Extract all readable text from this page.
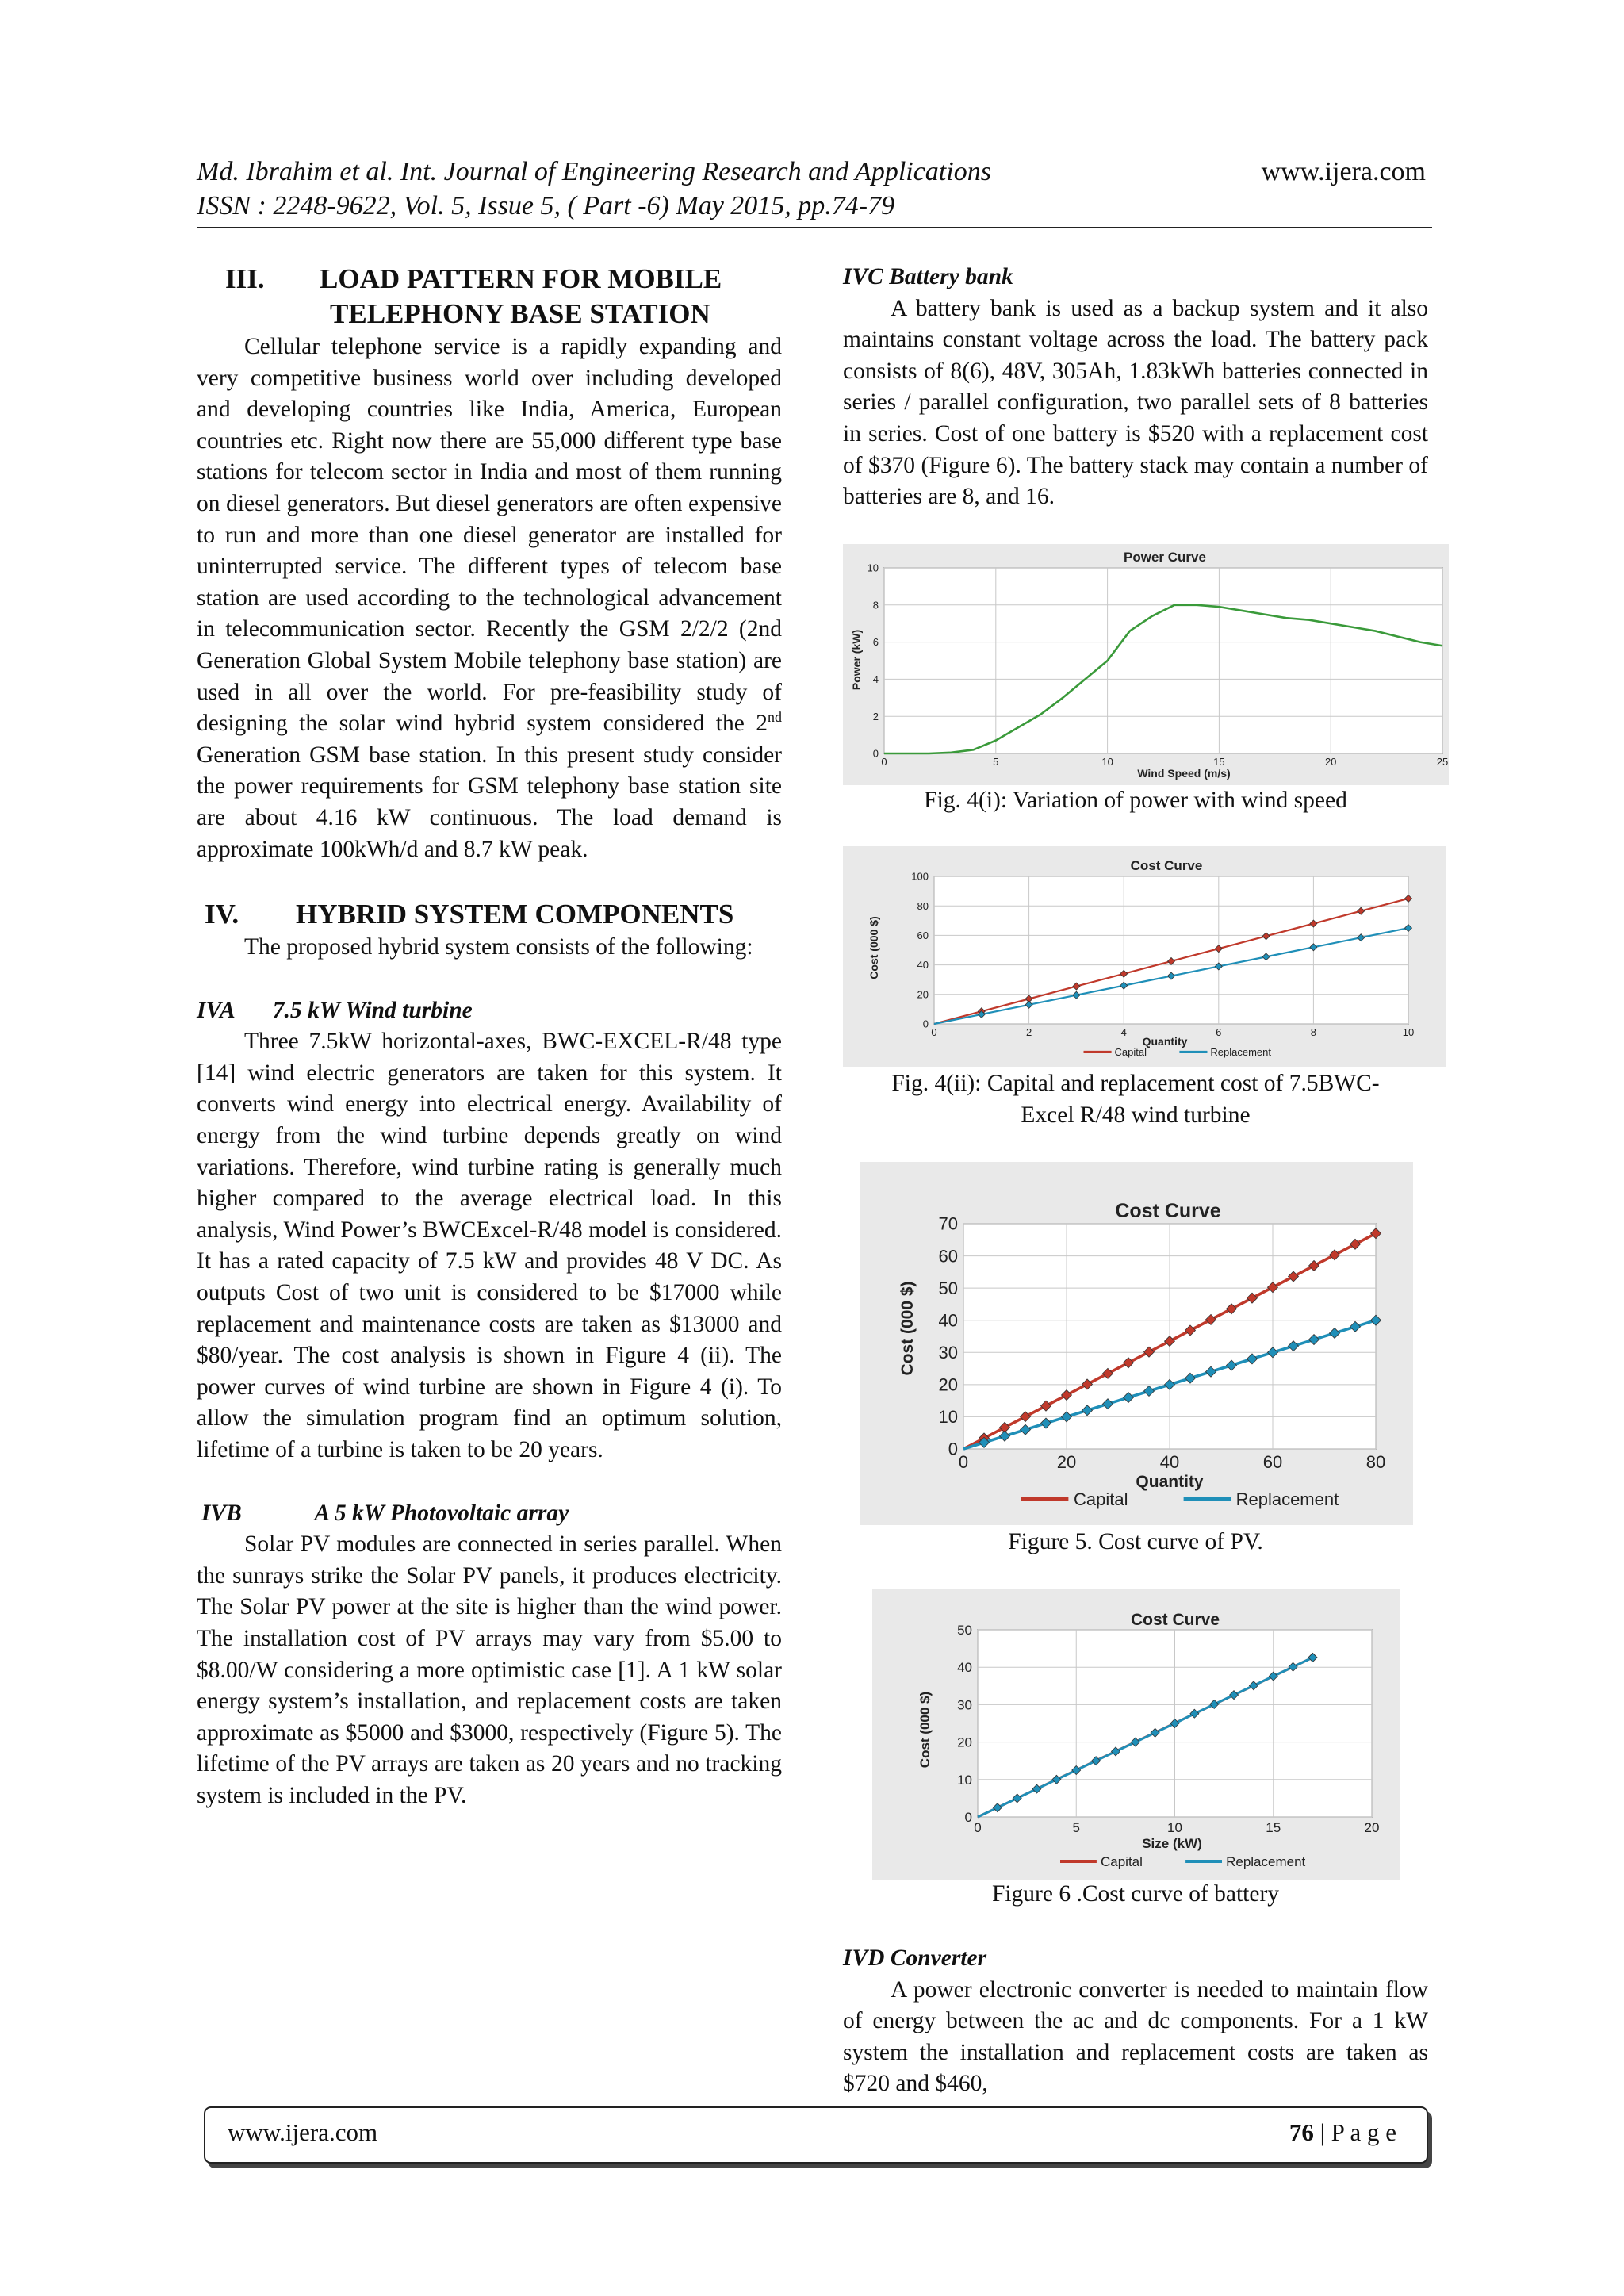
Md. Ibrahim et al. Int. Journal of Engineering Research and Applications	www.ijera.com
ISSN : 2248-9622, Vol. 5, Issue 5, ( Part -6) May 2015, pp.74-79
III. LOAD PATTERN FOR MOBILE
TELEPHONY BASE STATION

Cellular telephone service is a rapidly expanding and very competitive business world over including developed and developing countries like India, America, European countries etc. Right now there are 55,000 different type base stations for telecom sector in India and most of them running on diesel generators. But diesel generators are often expensive to run and more than one diesel generator are installed for uninterrupted service. The different types of telecom base station are used according to the technological advancement in telecommunication sector. Recently the GSM 2/2/2 (2nd Generation Global System Mobile telephony base station) are used in all over the world. For pre-feasibility study of designing the solar wind hybrid system considered the 2nd Generation GSM base station. In this present study consider the power requirements for GSM telephony base station site are about 4.16 kW continuous. The load demand is approximate 100kWh/d and 8.7 kW peak.

IV. HYBRID SYSTEM COMPONENTS

The proposed hybrid system consists of the following:

IVA 7.5 kW Wind turbine

Three 7.5kW horizontal-axes, BWC-EXCEL-R/48 type [14] wind electric generators are taken for this system. It converts wind energy into electrical energy. Availability of energy from the wind turbine depends greatly on wind variations. Therefore, wind turbine rating is generally much higher compared to the average electrical load. In this analysis, Wind Power’s BWCExcel-R/48 model is considered. It has a rated capacity of 7.5 kW and provides 48 V DC. As outputs Cost of two unit is considered to be $17000 while replacement and maintenance costs are taken as $13000 and $80/year. The cost analysis is shown in Figure 4 (ii). The power curves of wind turbine are shown in Figure 4 (i). To allow the simulation program find an optimum solution, lifetime of a turbine is taken to be 20 years.

IVB	A 5 kW Photovoltaic array

Solar PV modules are connected in series parallel. When the sunrays strike the Solar PV panels, it produces electricity. The Solar PV power at the site is higher than the wind power. The installation cost of PV arrays may vary from $5.00 to $8.00/W considering a more optimistic case [1]. A 1 kW solar energy system’s installation, and replacement costs are taken approximate as $5000 and $3000, respectively (Figure 5). The lifetime of the PV arrays are taken as 20 years and no tracking system is included in the PV.

IVC Battery bank

A battery bank is used as a backup system and it also maintains constant voltage across the load. The battery pack consists of 8(6), 48V, 305Ah, 1.83kWh batteries connected in series / parallel configuration, two parallel sets of 8 batteries in series. Cost of one battery is $520 with a replacement cost of $370 (Figure 6). The battery stack may contain a number of batteries are 8, and 16.

Power Curve
Power (kW)
Wind Speed (m/s)
0	5	10	15	20	25
0
2
4
6
8
10
Fig. 4(i): Variation of power with wind speed
Cost Curve
Cost (000 $)
Quantity
0	2	4	6	8	10
0
20
40
60
80
100
Capital	Replacement
Fig. 4(ii): Capital and replacement cost of 7.5BWC-
Excel R/48 wind turbine
Cost Curve
Cost (000 $)
Quantity
0	20	40	60	80
0
10
20
30
40
50
60
70
Capital	Replacement
Figure 5. Cost curve of PV.
Cost Curve
Cost (000 $)
Size (kW)
0	5	10	15	20
0
10
20
30
40
50
Capital	Replacement
Figure 6 .Cost curve of battery
IVD Converter

A power electronic converter is needed to maintain flow of energy between the ac and dc components. For a 1 kW system the installation and replacement costs are taken as $720 and $460,

www.ijera.com	76 | P a g e
